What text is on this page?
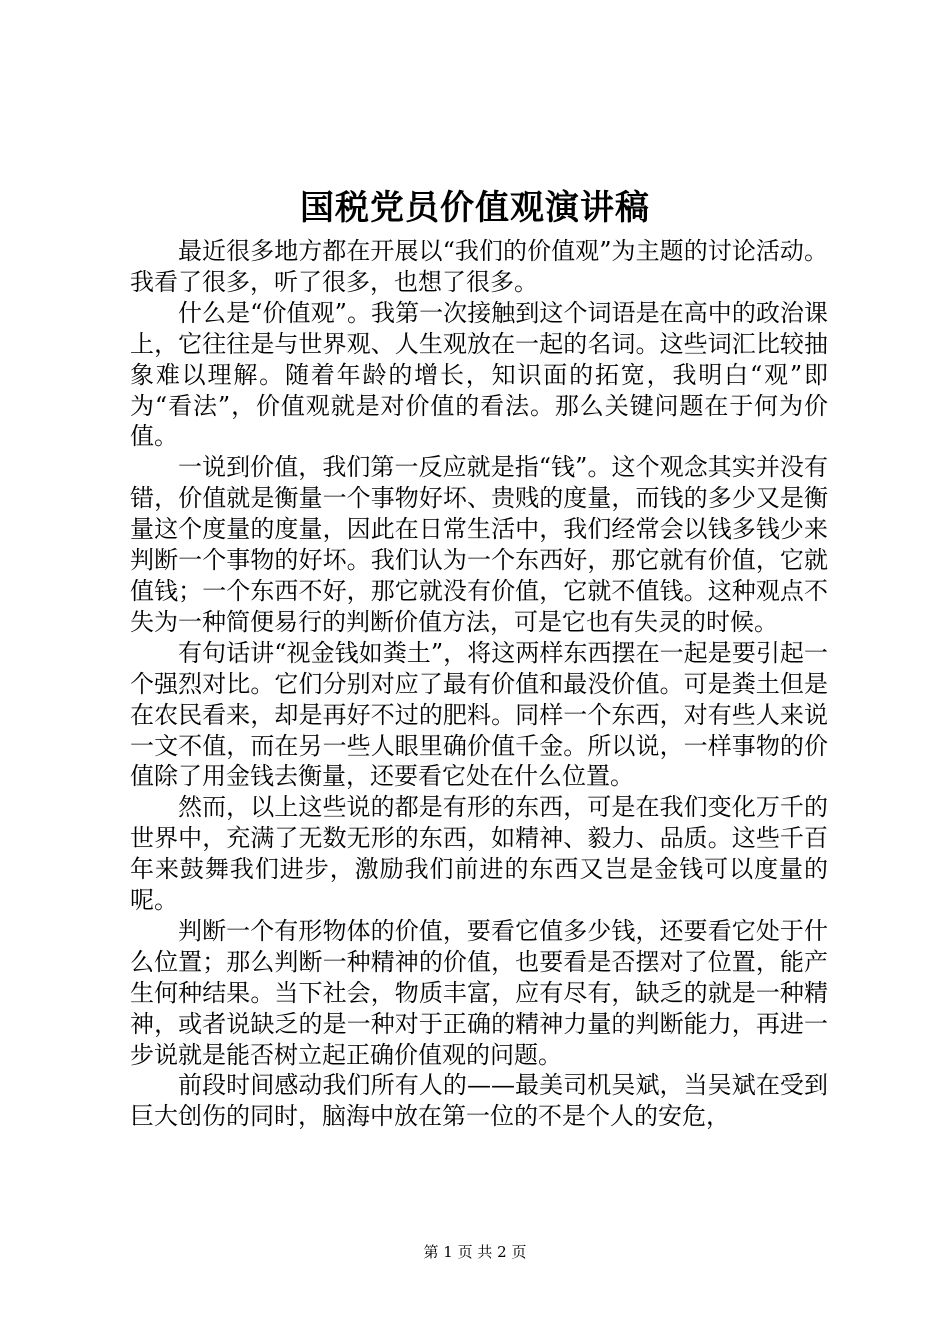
国税党员价值观演讲稿

最近很多地方都在开展以“我们的价值观”为主题的讨论活动。我看了很多，听了很多，也想了很多。

什么是“价值观”。我第一次接触到这个词语是在高中的政治课上，它往往是与世界观、人生观放在一起的名词。这些词汇比较抽象难以理解。随着年龄的增长，知识面的拓宽，我明白“观”即为“看法”，价值观就是对价值的看法。那么关键问题在于何为价值。

一说到价值，我们第一反应就是指“钱”。这个观念其实并没有错，价值就是衡量一个事物好坏、贵贱的度量，而钱的多少又是衡量这个度量的度量，因此在日常生活中，我们经常会以钱多钱少来判断一个事物的好坏。我们认为一个东西好，那它就有价值，它就值钱；一个东西不好，那它就没有价值，它就不值钱。这种观点不失为一种简便易行的判断价值方法，可是它也有失灵的时候。

有句话讲“视金钱如粪土”，将这两样东西摆在一起是要引起一个强烈对比。它们分别对应了最有价值和最没价值。可是粪土但是在农民看来，却是再好不过的肥料。同样一个东西，对有些人来说一文不值，而在另一些人眼里确价值千金。所以说，一样事物的价值除了用金钱去衡量，还要看它处在什么位置。

然而，以上这些说的都是有形的东西，可是在我们变化万千的世界中，充满了无数无形的东西，如精神、毅力、品质。这些千百年来鼓舞我们进步，激励我们前进的东西又岂是金钱可以度量的呢。

判断一个有形物体的价值，要看它值多少钱，还要看它处于什么位置；那么判断一种精神的价值，也要看是否摆对了位置，能产生何种结果。当下社会，物质丰富，应有尽有，缺乏的就是一种精神，或者说缺乏的是一种对于正确的精神力量的判断能力，再进一步说就是能否树立起正确价值观的问题。

前段时间感动我们所有人的——最美司机吴斌，当吴斌在受到巨大创伤的同时，脑海中放在第一位的不是个人的安危，

第 1 页 共 2 页
